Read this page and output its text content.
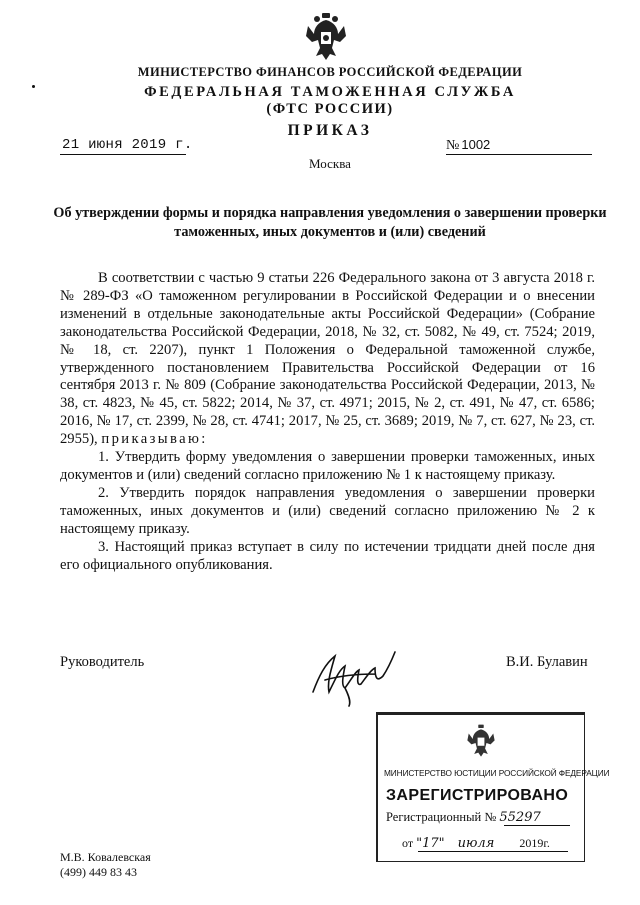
МИНИСТЕРСТВО ФИНАНСОВ РОССИЙСКОЙ ФЕДЕРАЦИИ
ФЕДЕРАЛЬНАЯ ТАМОЖЕННАЯ СЛУЖБА
(ФТС РОССИИ)
ПРИКАЗ
21 июня 2019 г.	№ 1002
Москва
Об утверждении формы и порядка направления уведомления о завершении проверки таможенных, иных документов и (или) сведений

В соответствии с частью 9 статьи 226 Федерального закона от 3 августа 2018 г. № 289-ФЗ «О таможенном регулировании в Российской Федерации и о внесении изменений в отдельные законодательные акты Российской Федерации» (Собрание законодательства Российской Федерации, 2018, № 32, ст. 5082, № 49, ст. 7524; 2019, № 18, ст. 2207), пункт 1 Положения о Федеральной таможенной службе, утвержденного постановлением Правительства Российской Федерации от 16 сентября 2013 г. № 809 (Собрание законодательства Российской Федерации, 2013, № 38, ст. 4823, № 45, ст. 5822; 2014, № 37, ст. 4971; 2015, № 2, ст. 491, № 47, ст. 6586; 2016, № 17, ст. 2399, № 28, ст. 4741; 2017, № 25, ст. 3689; 2019, № 7, ст. 627, № 23, ст. 2955), приказываю:

1. Утвердить форму уведомления о завершении проверки таможенных, иных документов и (или) сведений согласно приложению № 1 к настоящему приказу.

2. Утвердить порядок направления уведомления о завершении проверки таможенных, иных документов и (или) сведений согласно приложению № 2 к настоящему приказу.

3. Настоящий приказ вступает в силу по истечении тридцати дней после дня его официального опубликования.

Руководитель	В.И. Булавин
МИНИСТЕРСТВО ЮСТИЦИИ РОССИЙСКОЙ ФЕДЕРАЦИИ
ЗАРЕГИСТРИРОВАНО
Регистрационный № 55297
от "17" июля 2019г.
М.В. Ковалевская
(499) 449 83 43
